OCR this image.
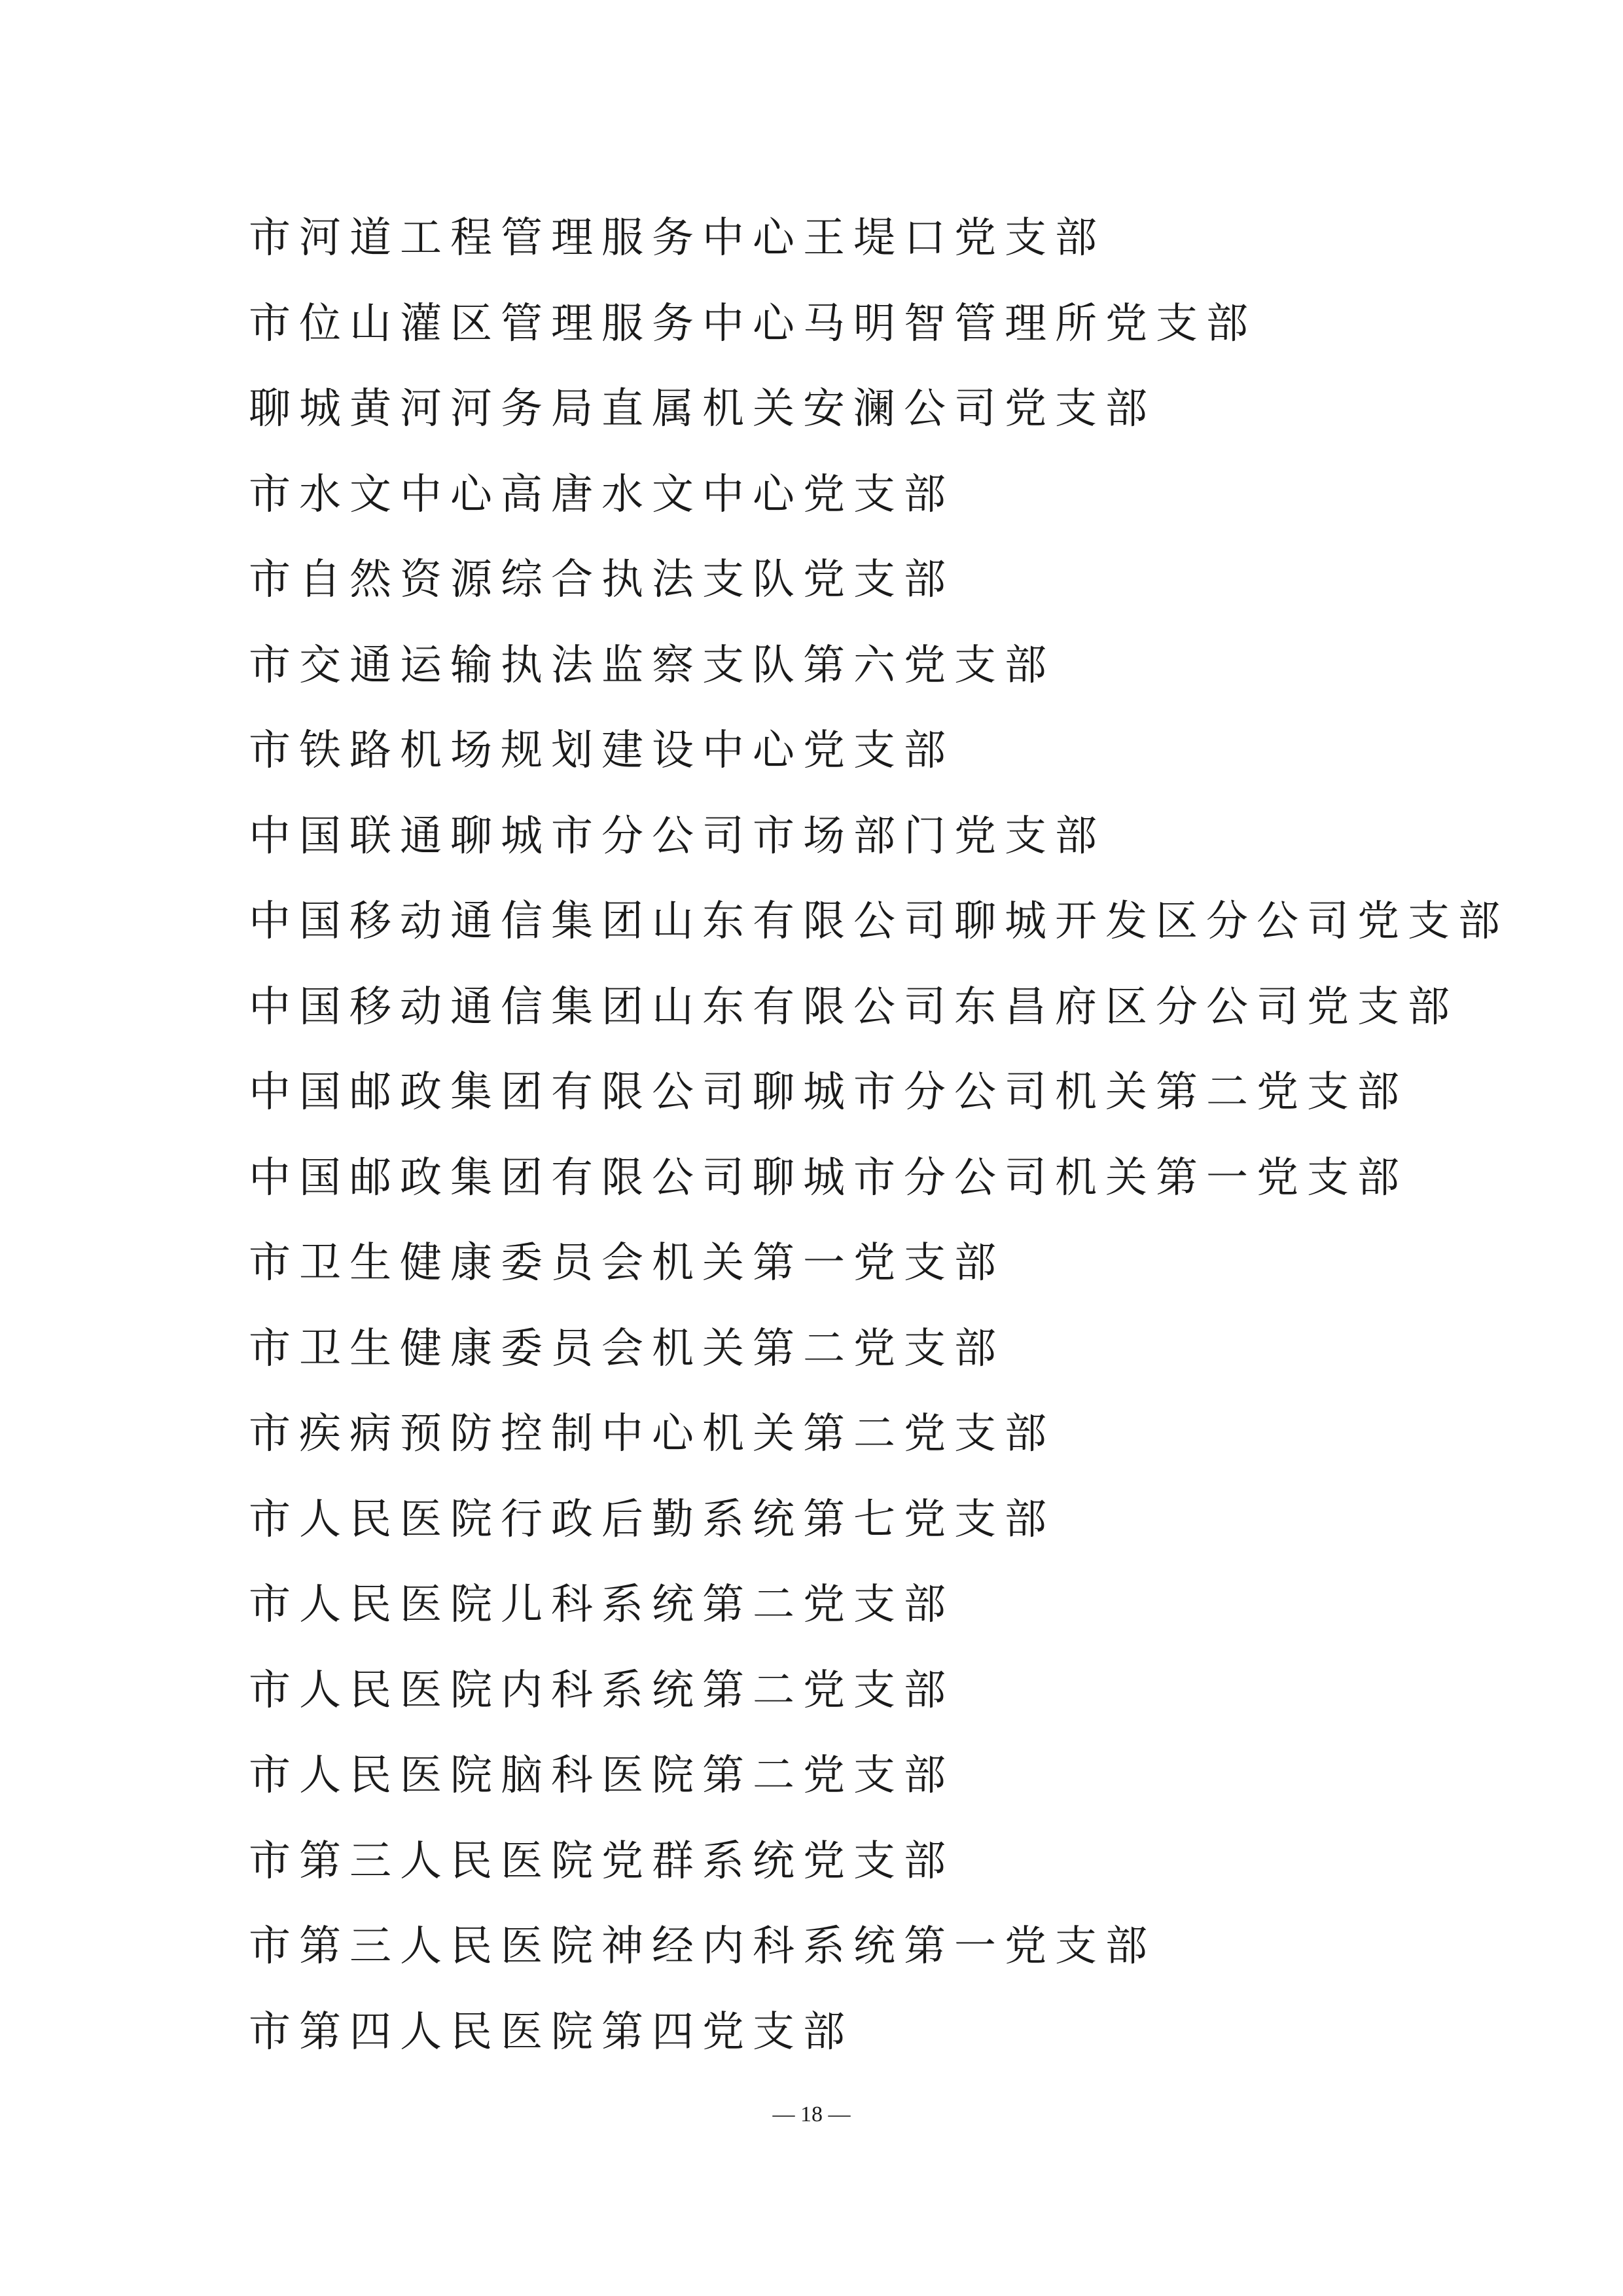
市河道工程管理服务中心王堤口党支部
市位山灌区管理服务中心马明智管理所党支部
聊城黄河河务局直属机关安澜公司党支部
市水文中心高唐水文中心党支部
市自然资源综合执法支队党支部
市交通运输执法监察支队第六党支部
市铁路机场规划建设中心党支部
中国联通聊城市分公司市场部门党支部
中国移动通信集团山东有限公司聊城开发区分公司党支部
中国移动通信集团山东有限公司东昌府区分公司党支部
中国邮政集团有限公司聊城市分公司机关第二党支部
中国邮政集团有限公司聊城市分公司机关第一党支部
市卫生健康委员会机关第一党支部
市卫生健康委员会机关第二党支部
市疾病预防控制中心机关第二党支部
市人民医院行政后勤系统第七党支部
市人民医院儿科系统第二党支部
市人民医院内科系统第二党支部
市人民医院脑科医院第二党支部
市第三人民医院党群系统党支部
市第三人民医院神经内科系统第一党支部
市第四人民医院第四党支部
— 18 —
